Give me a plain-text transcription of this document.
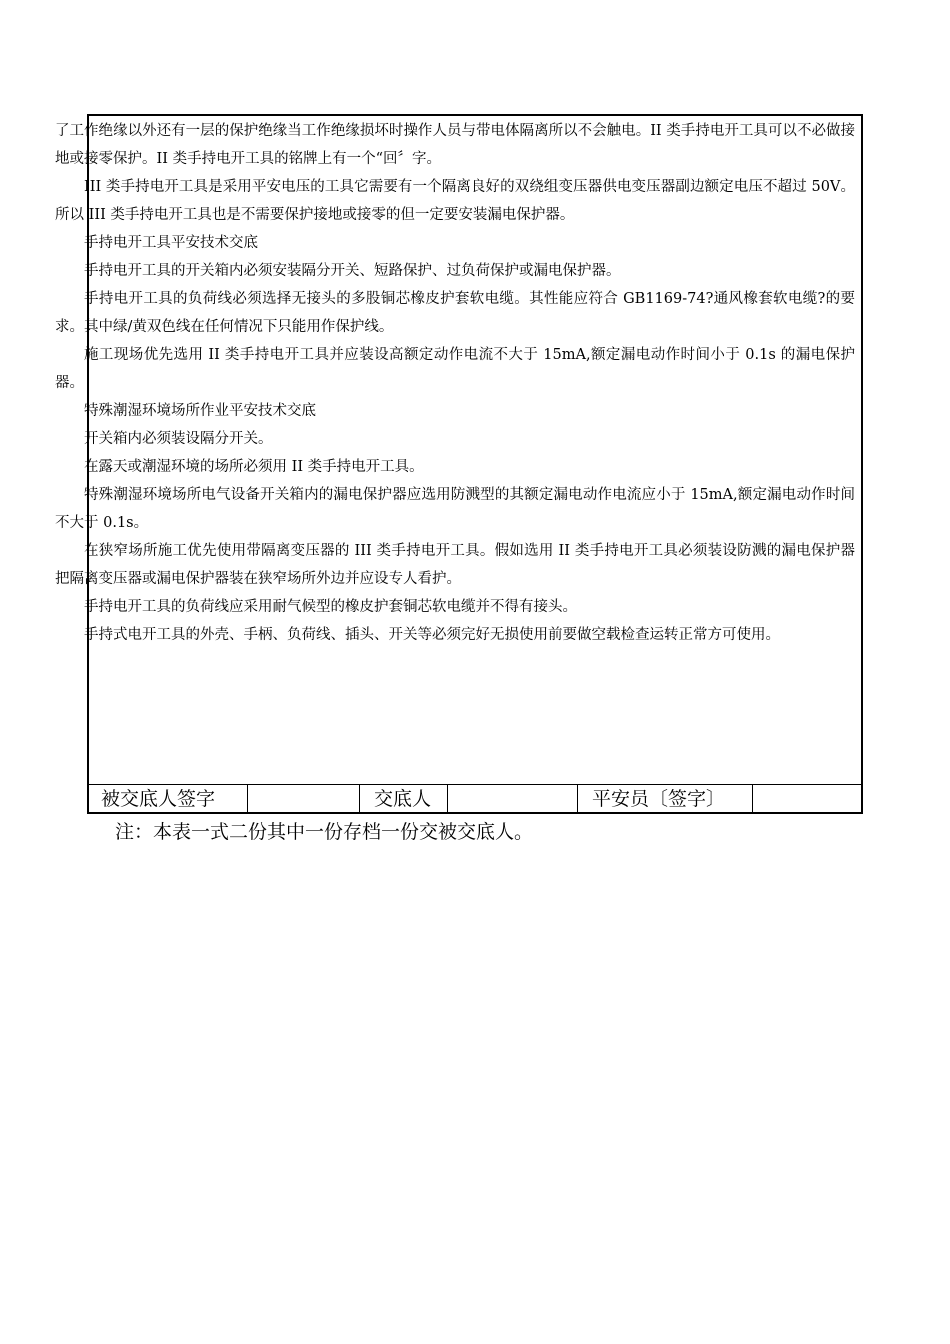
了工作绝缘以外还有一层的保护绝缘当工作绝缘损坏时操作人员与带电体隔离所以不会触电。II 类手持电开工具可以不必做接地或接零保护。II 类手持电开工具的铭牌上有一个“回〞字。

III 类手持电开工具是采用平安电压的工具它需要有一个隔离良好的双绕组变压器供电变压器副边额定电压不超过 50V。所以 III 类手持电开工具也是不需要保护接地或接零的但一定要安装漏电保护器。

手持电开工具平安技术交底

手持电开工具的开关箱内必须安装隔分开关、短路保护、过负荷保护或漏电保护器。

手持电开工具的负荷线必须选择无接头的多股铜芯橡皮护套软电缆。其性能应符合 GB1169-74?通风橡套软电缆?的要求。其中绿/黄双色线在任何情况下只能用作保护线。

施工现场优先选用 II 类手持电开工具并应装设高额定动作电流不大于 15mA,额定漏电动作时间小于 0.1s 的漏电保护器。

特殊潮湿环境场所作业平安技术交底

开关箱内必须装设隔分开关。

在露天或潮湿环境的场所必须用 II 类手持电开工具。

特殊潮湿环境场所电气设备开关箱内的漏电保护器应选用防溅型的其额定漏电动作电流应小于 15mA,额定漏电动作时间不大于 0.1s。

在狭窄场所施工优先使用带隔离变压器的 III 类手持电开工具。假如选用 II 类手持电开工具必须装设防溅的漏电保护器把隔离变压器或漏电保护器装在狭窄场所外边并应设专人看护。

手持电开工具的负荷线应采用耐气候型的橡皮护套铜芯软电缆并不得有接头。

手持式电开工具的外壳、手柄、负荷线、插头、开关等必须完好无损使用前要做空载检查运转正常方可使用。

被交底人签字	交底人	平安员〔签字〕
注：本表一式二份其中一份存档一份交被交底人。
